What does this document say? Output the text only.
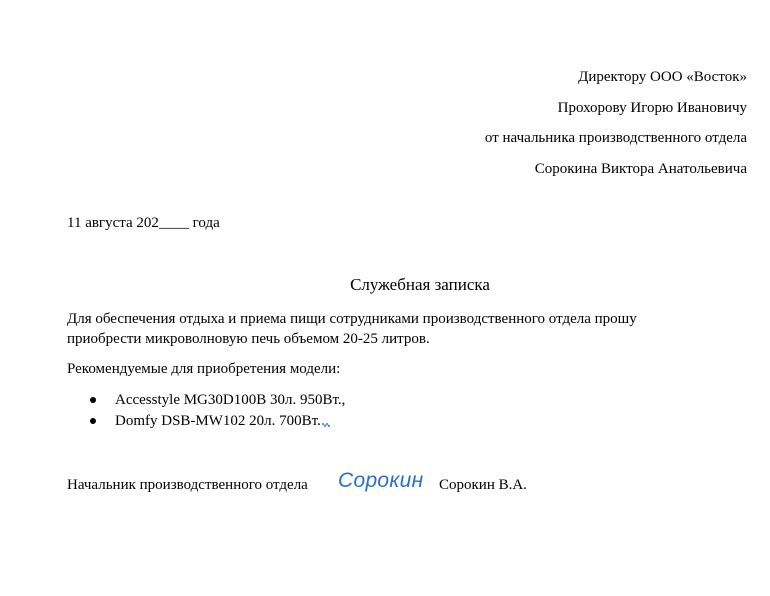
Директору ООО «Восток»
Прохорову Игорю Ивановичу
от начальника производственного отдела
Сорокина Виктора Анатольевича
11 августа 202____ года
Служебная записка
Для обеспечения отдыха и приема пищи сотрудниками производственного отдела прошу приобрести микроволновую печь объемом 20-25 литров.
Рекомендуемые для приобретения модели:
Accesstyle MG30D100B 30л. 950Вт.,
Domfy DSB-MW102 20л. 700Вт.
Начальник производственного отдела Сорокин Сорокин В.А.
